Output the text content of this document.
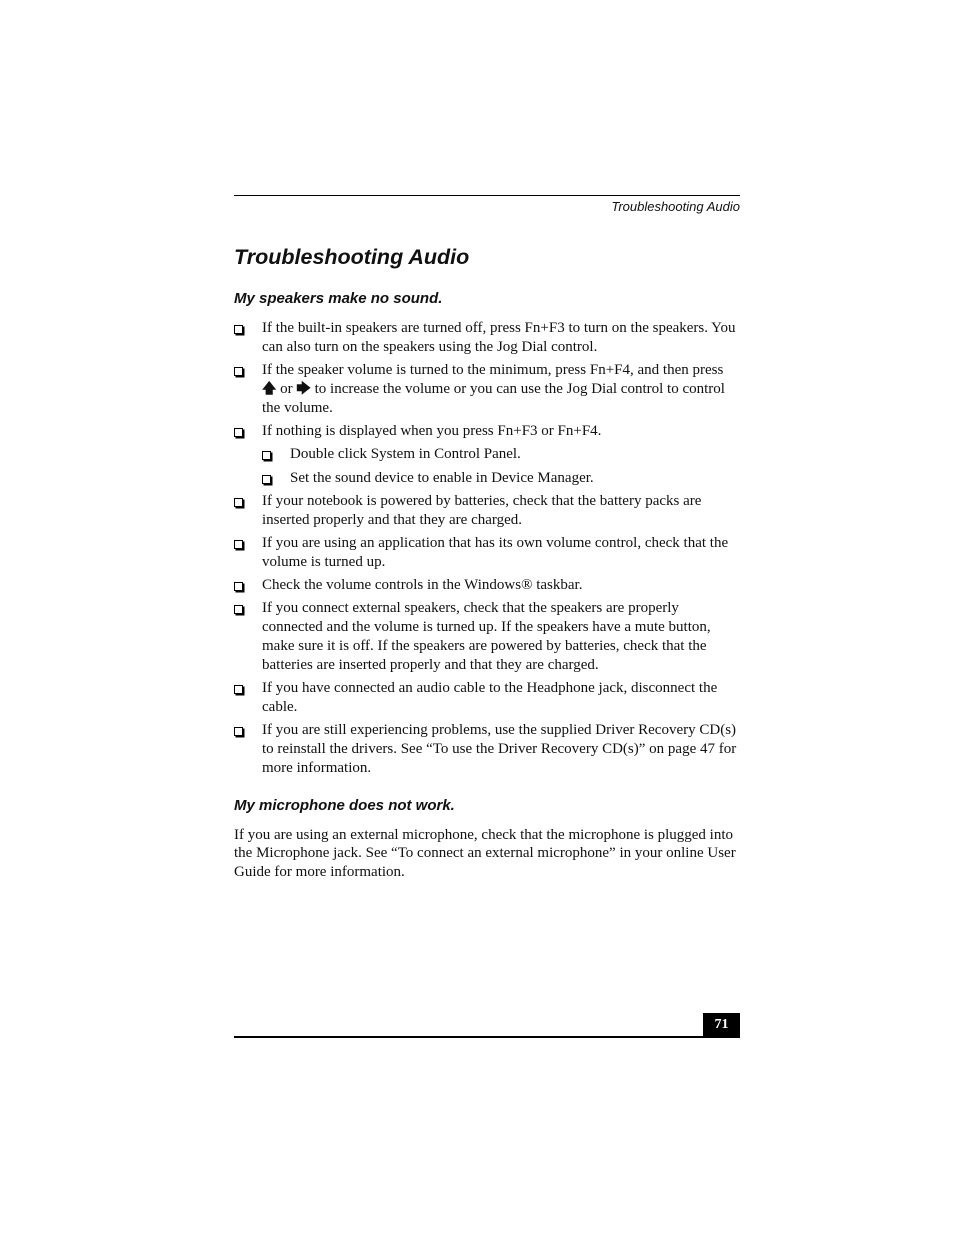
Troubleshooting Audio
Troubleshooting Audio
My speakers make no sound.
If the built-in speakers are turned off, press Fn+F3 to turn on the speakers. You can also turn on the speakers using the Jog Dial control.
If the speaker volume is turned to the minimum, press Fn+F4, and then press
🡅 or 🡆 to increase the volume or you can use the Jog Dial control to control the volume.
If nothing is displayed when you press Fn+F3 or Fn+F4.
Double click System in Control Panel.
Set the sound device to enable in Device Manager.
If your notebook is powered by batteries, check that the battery packs are inserted properly and that they are charged.
If you are using an application that has its own volume control, check that the volume is turned up.
Check the volume controls in the Windows® taskbar.
If you connect external speakers, check that the speakers are properly connected and the volume is turned up. If the speakers have a mute button, make sure it is off. If the speakers are powered by batteries, check that the batteries are inserted properly and that they are charged.
If you have connected an audio cable to the Headphone jack, disconnect the cable.
If you are still experiencing problems, use the supplied Driver Recovery CD(s) to reinstall the drivers. See “To use the Driver Recovery CD(s)” on page 47 for more information.
My microphone does not work.

If you are using an external microphone, check that the microphone is plugged into the Microphone jack. See “To connect an external microphone” in your online User Guide for more information.

71
